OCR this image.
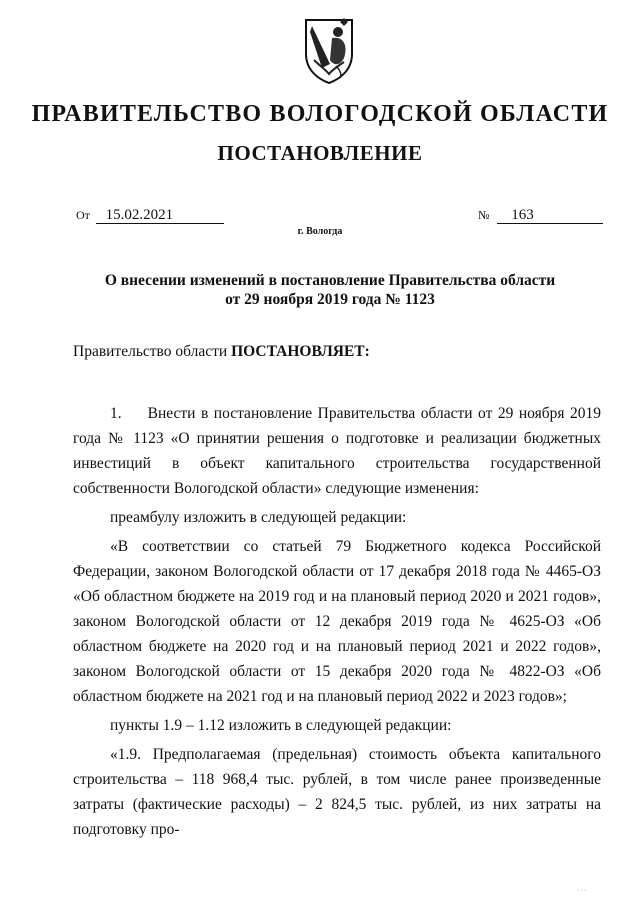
ПРАВИТЕЛЬСТВО ВОЛОГОДСКОЙ ОБЛАСТИ
ПОСТАНОВЛЕНИЕ
От 15.02.2021	№ 163
г. Вологда
О внесении изменений в постановление Правительства области
от 29 ноября 2019 года № 1123
Правительство области ПОСТАНОВЛЯЕТ:

1. Внести в постановление Правительства области от 29 ноября 2019 года № 1123 «О принятии решения о подготовке и реализации бюджетных инвестиций в объект капитального строительства государственной собственности Вологодской области» следующие изменения:

преамбулу изложить в следующей редакции:

«В соответствии со статьей 79 Бюджетного кодекса Российской Федерации, законом Вологодской области от 17 декабря 2018 года № 4465-ОЗ «Об областном бюджете на 2019 год и на плановый период 2020 и 2021 годов», законом Вологодской области от 12 декабря 2019 года № 4625-ОЗ «Об областном бюджете на 2020 год и на плановый период 2021 и 2022 годов», законом Вологодской области от 15 декабря 2020 года № 4822-ОЗ «Об областном бюджете на 2021 год и на плановый период 2022 и 2023 годов»;

пункты 1.9 – 1.12 изложить в следующей редакции:

«1.9. Предполагаемая (предельная) стоимость объекта капитального строительства – 118 968,4 тыс. рублей, в том числе ранее произведенные затраты (фактические расходы) – 2 824,5 тыс. рублей, из них затраты на подготовку про-

· · ·
